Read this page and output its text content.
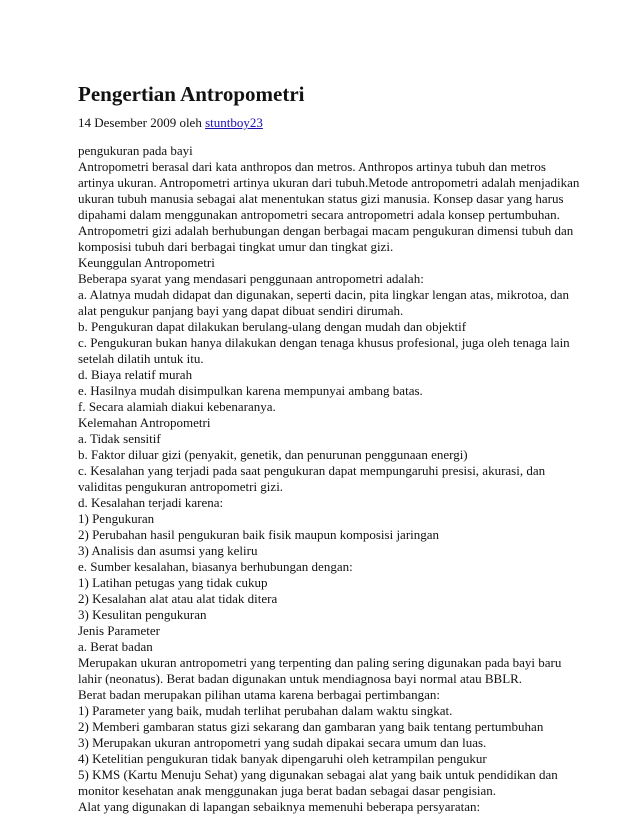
Pengertian Antropometri
14 Desember 2009 oleh stuntboy23
pengukuran pada bayi
Antropometri berasal dari kata anthropos dan metros. Anthropos artinya tubuh dan metros
artinya ukuran. Antropometri artinya ukuran dari tubuh.Metode antropometri adalah menjadikan
ukuran tubuh manusia sebagai alat menentukan status gizi manusia. Konsep dasar yang harus
dipahami dalam menggunakan antropometri secara antropometri adala konsep pertumbuhan.
Antropometri gizi adalah berhubungan dengan berbagai macam pengukuran dimensi tubuh dan
komposisi tubuh dari berbagai tingkat umur dan tingkat gizi.
Keunggulan Antropometri
Beberapa syarat yang mendasari penggunaan antropometri adalah:
a. Alatnya mudah didapat dan digunakan, seperti dacin, pita lingkar lengan atas, mikrotoa, dan
alat pengukur panjang bayi yang dapat dibuat sendiri dirumah.
b. Pengukuran dapat dilakukan berulang-ulang dengan mudah dan objektif
c. Pengukuran bukan hanya dilakukan dengan tenaga khusus profesional, juga oleh tenaga lain
setelah dilatih untuk itu.
d. Biaya relatif murah
e. Hasilnya mudah disimpulkan karena mempunyai ambang batas.
f. Secara alamiah diakui kebenaranya.
Kelemahan Antropometri
a. Tidak sensitif
b. Faktor diluar gizi (penyakit, genetik, dan penurunan penggunaan energi)
c. Kesalahan yang terjadi pada saat pengukuran dapat mempungaruhi presisi, akurasi, dan
validitas pengukuran antropometri gizi.
d. Kesalahan terjadi karena:
1) Pengukuran
2) Perubahan hasil pengukuran baik fisik maupun komposisi jaringan
3) Analisis dan asumsi yang keliru
e. Sumber kesalahan, biasanya berhubungan dengan:
1) Latihan petugas yang tidak cukup
2) Kesalahan alat atau alat tidak ditera
3) Kesulitan pengukuran
Jenis Parameter
a. Berat badan
Merupakan ukuran antropometri yang terpenting dan paling sering digunakan pada bayi baru
lahir (neonatus). Berat badan digunakan untuk mendiagnosa bayi normal atau BBLR.
Berat badan merupakan pilihan utama karena berbagai pertimbangan:
1) Parameter yang baik, mudah terlihat perubahan dalam waktu singkat.
2) Memberi gambaran status gizi sekarang dan gambaran yang baik tentang pertumbuhan
3) Merupakan ukuran antropometri yang sudah dipakai secara umum dan luas.
4) Ketelitian pengukuran tidak banyak dipengaruhi oleh ketrampilan pengukur
5) KMS (Kartu Menuju Sehat) yang digunakan sebagai alat yang baik untuk pendidikan dan
monitor kesehatan anak menggunakan juga berat badan sebagai dasar pengisian.
Alat yang digunakan di lapangan sebaiknya memenuhi beberapa persyaratan:
